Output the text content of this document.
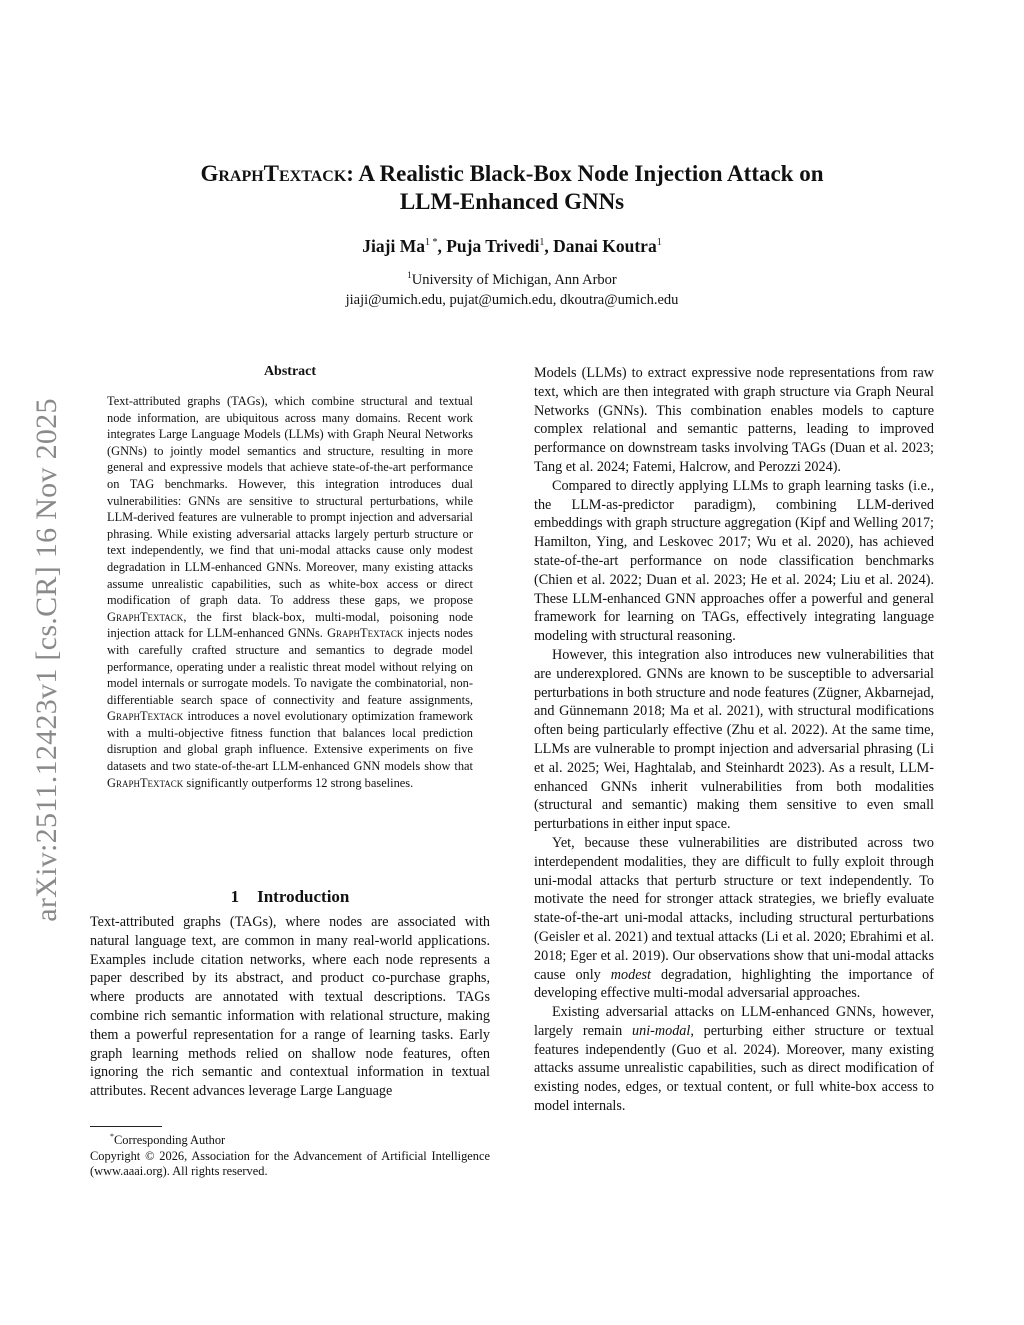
arXiv:2511.12423v1 [cs.CR] 16 Nov 2025
GraphTextack: A Realistic Black-Box Node Injection Attack on
LLM-Enhanced GNNs
Jiaji $Ma^{1 *}$, Puja Trivedi$^1$, Danai Koutra$^1$
$^1$University of Michigan, Ann Arbor
jiaji@umich.edu, pujat@umich.edu, dkoutra@umich.edu
Abstract

Text-attributed graphs (TAGs), which combine structural and textual node information, are ubiquitous across many domains. Recent work integrates Large Language Models (LLMs) with Graph Neural Networks (GNNs) to jointly model semantics and structure, resulting in more general and expressive models that achieve state-of-the-art performance on TAG benchmarks. However, this integration introduces dual vulnerabilities: GNNs are sensitive to structural perturbations, while LLM-derived features are vulnerable to prompt injection and adversarial phrasing. While existing adversarial attacks largely perturb structure or text independently, we find that uni-modal attacks cause only modest degradation in LLM-enhanced GNNs. Moreover, many existing attacks assume unrealistic capabilities, such as white-box access or direct modification of graph data. To address these gaps, we propose GraphTextack, the first black-box, multi-modal, poisoning node injection attack for LLM-enhanced GNNs. GraphTextack injects nodes with carefully crafted structure and semantics to degrade model performance, operating under a realistic threat model without relying on model internals or surrogate models. To navigate the combinatorial, non-differentiable search space of connectivity and feature assignments, GraphTextack introduces a novel evolutionary optimization framework with a multi-objective fitness function that balances local prediction disruption and global graph influence. Extensive experiments on five datasets and two state-of-the-art LLM-enhanced GNN models show that GraphTextack significantly outperforms 12 strong baselines.

1 Introduction

Text-attributed graphs (TAGs), where nodes are associated with natural language text, are common in many real-world applications. Examples include citation networks, where each node represents a paper described by its abstract, and product co-purchase graphs, where products are annotated with textual descriptions. TAGs combine rich semantic information with relational structure, making them a powerful representation for a range of learning tasks. Early graph learning methods relied on shallow node features, often ignoring the rich semantic and contextual information in textual attributes. Recent advances leverage Large Language

*Corresponding Author
Copyright © 2026, Association for the Advancement of Artificial Intelligence (www.aaai.org). All rights reserved.

Models (LLMs) to extract expressive node representations from raw text, which are then integrated with graph structure via Graph Neural Networks (GNNs). This combination enables models to capture complex relational and semantic patterns, leading to improved performance on downstream tasks involving TAGs (Duan et al. 2023; Tang et al. 2024; Fatemi, Halcrow, and Perozzi 2024).

Compared to directly applying LLMs to graph learning tasks (i.e., the LLM-as-predictor paradigm), combining LLM-derived embeddings with graph structure aggregation (Kipf and Welling 2017; Hamilton, Ying, and Leskovec 2017; Wu et al. 2020), has achieved state-of-the-art performance on node classification benchmarks (Chien et al. 2022; Duan et al. 2023; He et al. 2024; Liu et al. 2024). These LLM-enhanced GNN approaches offer a powerful and general framework for learning on TAGs, effectively integrating language modeling with structural reasoning.

However, this integration also introduces new vulnerabilities that are underexplored. GNNs are known to be susceptible to adversarial perturbations in both structure and node features (Zügner, Akbarnejad, and Günnemann 2018; Ma et al. 2021), with structural modifications often being particularly effective (Zhu et al. 2022). At the same time, LLMs are vulnerable to prompt injection and adversarial phrasing (Li et al. 2025; Wei, Haghtalab, and Steinhardt 2023). As a result, LLM-enhanced GNNs inherit vulnerabilities from both modalities (structural and semantic) making them sensitive to even small perturbations in either input space.

Yet, because these vulnerabilities are distributed across two interdependent modalities, they are difficult to fully exploit through uni-modal attacks that perturb structure or text independently. To motivate the need for stronger attack strategies, we briefly evaluate state-of-the-art uni-modal attacks, including structural perturbations (Geisler et al. 2021) and textual attacks (Li et al. 2020; Ebrahimi et al. 2018; Eger et al. 2019). Our observations show that uni-modal attacks cause only modest degradation, highlighting the importance of developing effective multi-modal adversarial approaches.

Existing adversarial attacks on LLM-enhanced GNNs, however, largely remain uni-modal, perturbing either structure or textual features independently (Guo et al. 2024). Moreover, many existing attacks assume unrealistic capabilities, such as direct modification of existing nodes, edges, or textual content, or full white-box access to model internals.
